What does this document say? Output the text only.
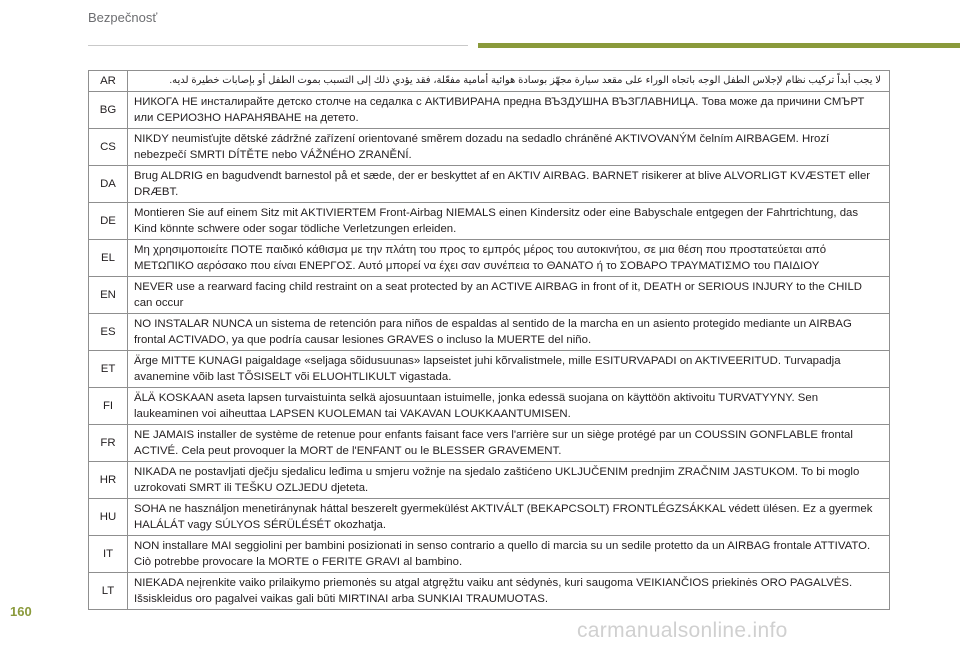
Bezpečnosť
AR	لا يجب أبداً تركيب نظام لإجلاس الطفل الوجه باتجاه الوراء على مقعد سيارة مجهّز بوسادة هوائية أمامية مفعّلة، فقد يؤدي ذلك إلى التسبب بموت الطفل أو بإصابات خطيرة لديه.
BG	НИКОГА НЕ инсталирайте детско столче на седалка с АКТИВИРАНА предна ВЪЗДУШНА ВЪЗГЛАВНИЦА. Това може да причини СМЪРТ или СЕРИОЗНО НАРАНЯВАНЕ на детето.
CS	NIKDY neumisťujte dětské zádržné zařízení orientované směrem dozadu na sedadlo chráněné AKTIVOVANÝM čelním AIRBAGEM. Hrozí nebezpečí SMRTI DÍTĚTE nebo VÁŽNÉHO ZRANĚNÍ.
DA	Brug ALDRIG en bagudvendt barnestol på et sæde, der er beskyttet af en AKTIV AIRBAG. BARNET risikerer at blive ALVORLIGT KVÆSTET eller DRÆBT.
DE	Montieren Sie auf einem Sitz mit AKTIVIERTEM Front-Airbag NIEMALS einen Kindersitz oder eine Babyschale entgegen der Fahrtrichtung, das Kind könnte schwere oder sogar tödliche Verletzungen erleiden.
EL	Μη χρησιμοποιείτε ΠΟΤΕ παιδικό κάθισμα με την πλάτη του προς το εμπρός μέρος του αυτοκινήτου, σε μια θέση που προστατεύεται από ΜΕΤΩΠΙΚΟ αερόσακο που είναι ΕΝΕΡΓΟΣ. Αυτό μπορεί να έχει σαν συνέπεια το ΘΑΝΑΤΟ ή το ΣΟΒΑΡΟ ΤΡΑΥΜΑΤΙΣΜΟ του ΠΑΙΔΙΟΥ
EN	NEVER use a rearward facing child restraint on a seat protected by an ACTIVE AIRBAG in front of it, DEATH or SERIOUS INJURY to the CHILD can occur
ES	NO INSTALAR NUNCA un sistema de retención para niños de espaldas al sentido de la marcha en un asiento protegido mediante un AIRBAG frontal ACTIVADO, ya que podría causar lesiones GRAVES o incluso la MUERTE del niño.
ET	Ärge MITTE KUNAGI paigaldage «seljaga sõidusuunas» lapseistet juhi kõrvalistmele, mille ESITURVAPADI on AKTIVEERITUD. Turvapadja avanemine võib last TÕSISELT või ELUOHTLIKULT vigastada.
FI	ÄLÄ KOSKAAN aseta lapsen turvaistuinta selkä ajosuuntaan istuimelle, jonka edessä suojana on käyttöön aktivoitu TURVATYYNY. Sen laukeaminen voi aiheuttaa LAPSEN KUOLEMAN tai VAKAVAN LOUKKAANTUMISEN.
FR	NE JAMAIS installer de système de retenue pour enfants faisant face vers l'arrière sur un siège protégé par un COUSSIN GONFLABLE frontal ACTIVÉ. Cela peut provoquer la MORT de l'ENFANT ou le BLESSER GRAVEMENT.
HR	NIKADA ne postavljati dječju sjedalicu leđima u smjeru vožnje na sjedalo zaštićeno UKLJUČENIM prednjim ZRAČNIM JASTUKOM. To bi moglo uzrokovati SMRT ili TEŠKU OZLJEDU djeteta.
HU	SOHA ne használjon menetiránynak háttal beszerelt gyermekülést AKTIVÁLT (BEKAPCSOLT) FRONTLÉGZSÁKKAL védett ülésen. Ez a gyermek HALÁLÁT vagy SÚLYOS SÉRÜLÉSÉT okozhatja.
IT	NON installare MAI seggiolini per bambini posizionati in senso contrario a quello di marcia su un sedile protetto da un AIRBAG frontale ATTIVATO. Ciò potrebbe provocare la MORTE o FERITE GRAVI al bambino.
LT	NIEKADA neįrenkite vaiko prilaikymo priemonės su atgal atgręžtu vaiku ant sėdynės, kuri saugoma VEIKIANČIOS priekinės ORO PAGALVĖS. Išsiskleidus oro pagalvei vaikas gali būti MIRTINAI arba SUNKIAI TRAUMUOTAS.
160
carmanualsonline.info
